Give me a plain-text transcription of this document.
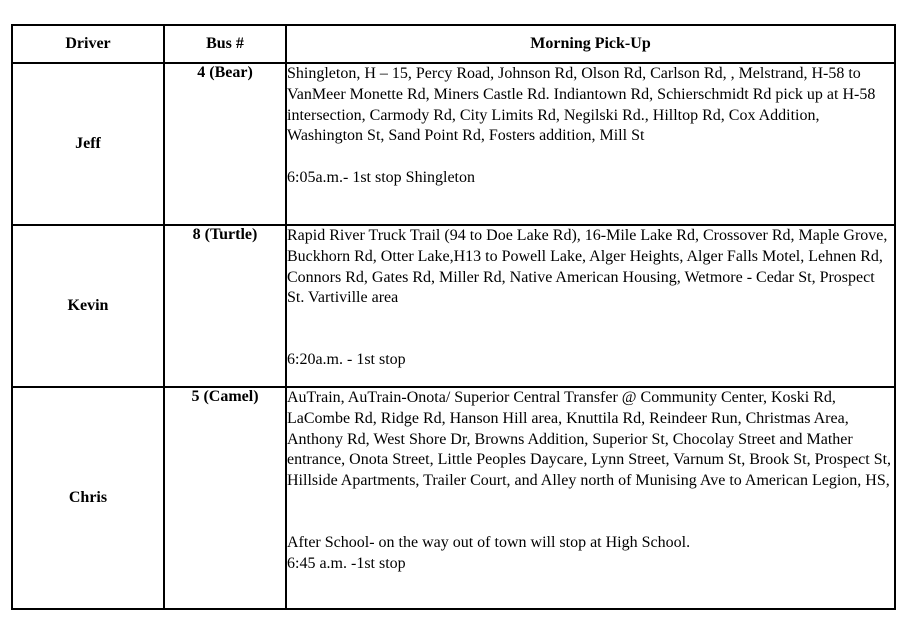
Driver	Bus #	Morning Pick-Up
Jeff	4 (Bear)	Shingleton, H – 15, Percy Road, Johnson Rd, Olson Rd, Carlson Rd, , Melstrand, H-58 to VanMeer Monette Rd, Miners Castle Rd. Indiantown Rd, Schierschmidt Rd pick up at H-58 intersection, Carmody Rd, City Limits Rd, Negilski Rd., Hilltop Rd, Cox Addition, Washington St, Sand Point Rd, Fosters addition, Mill St

6:05a.m.- 1st stop Shingleton

Kevin	8 (Turtle)	Rapid River Truck Trail (94 to Doe Lake Rd), 16-Mile Lake Rd, Crossover Rd, Maple Grove, Buckhorn Rd, Otter Lake,H13 to Powell Lake, Alger Heights, Alger Falls Motel, Lehnen Rd, Connors Rd, Gates Rd, Miller Rd, Native American Housing, Wetmore - Cedar St, Prospect St. Vartiville area

6:20a.m. - 1st stop

Chris	5 (Camel)	AuTrain, AuTrain-Onota/ Superior Central Transfer @ Community Center, Koski Rd, LaCombe Rd, Ridge Rd, Hanson Hill area, Knuttila Rd, Reindeer Run, Christmas Area, Anthony Rd, West Shore Dr, Browns Addition, Superior St, Chocolay Street and Mather entrance, Onota Street, Little Peoples Daycare, Lynn Street, Varnum St, Brook St, Prospect St, Hillside Apartments, Trailer Court, and Alley north of Munising Ave to American Legion, HS,

After School- on the way out of town will stop at High School.

6:45 a.m. -1st stop
